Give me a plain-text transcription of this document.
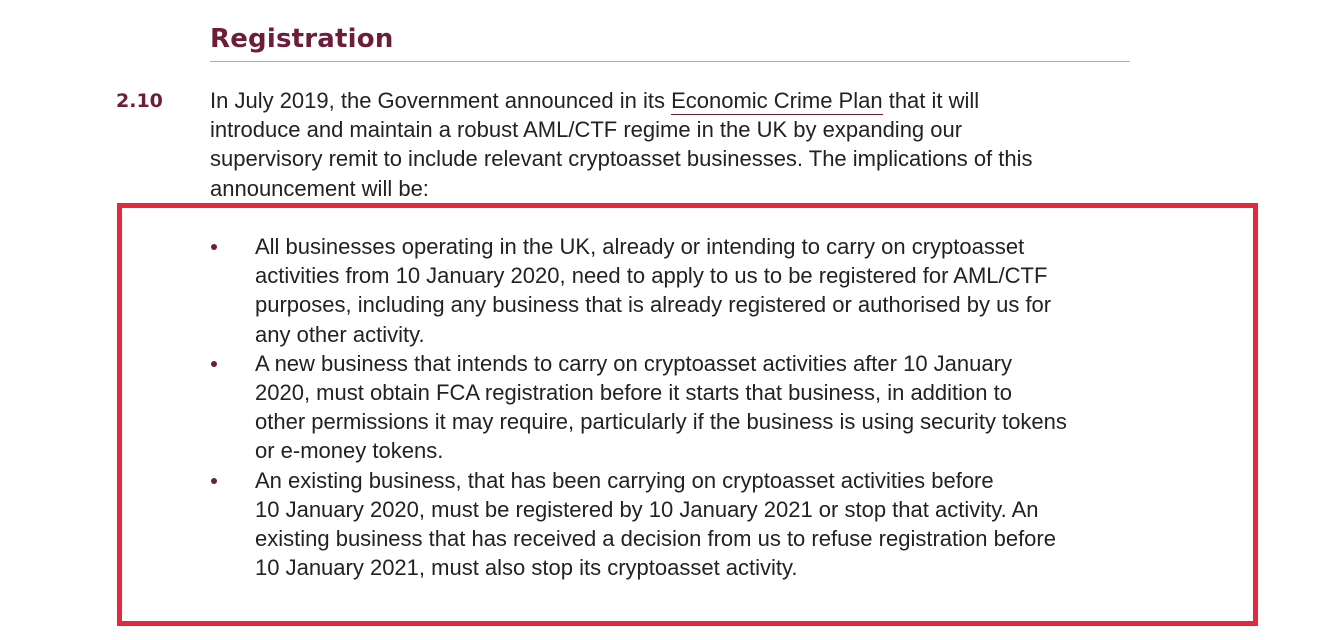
Registration
2.10 In July 2019, the Government announced in its Economic Crime Plan that it will
introduce and maintain a robust AML/CTF regime in the UK by expanding our
supervisory remit to include relevant cryptoasset businesses. The implications of this
announcement will be:

All businesses operating in the UK, already or intending to carry on cryptoasset
activities from 10 January 2020, need to apply to us to be registered for AML/CTF
purposes, including any business that is already registered or authorised by us for
any other activity.
A new business that intends to carry on cryptoasset activities after 10 January
2020, must obtain FCA registration before it starts that business, in addition to
other permissions it may require, particularly if the business is using security tokens
or e-money tokens.
An existing business, that has been carrying on cryptoasset activities before
10 January 2020, must be registered by 10 January 2021 or stop that activity. An
existing business that has received a decision from us to refuse registration before
10 January 2021, must also stop its cryptoasset activity.
